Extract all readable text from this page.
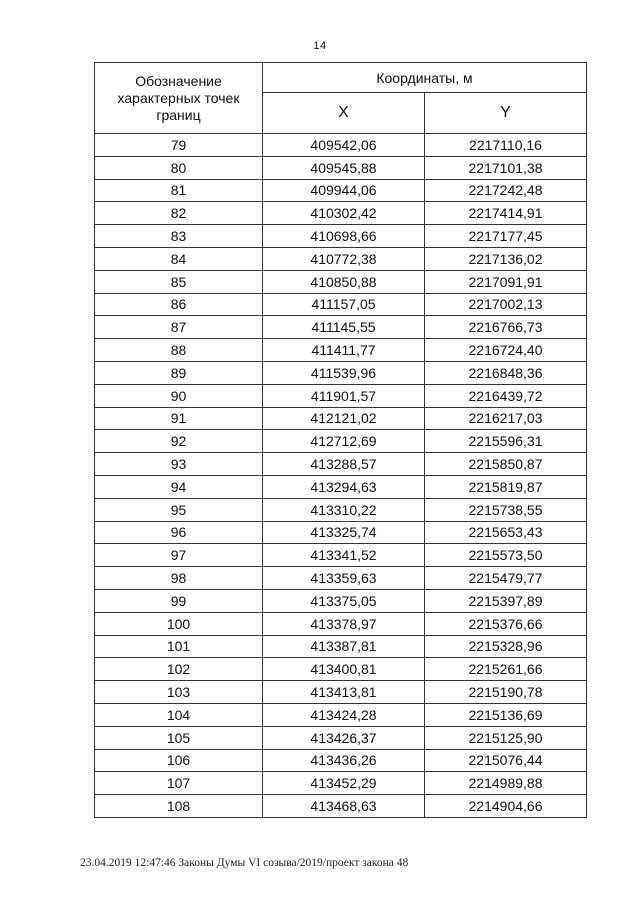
14
Обозначение характерных точек границ	Координаты, м	
	X	Y
79	409542,06	2217110,16
80	409545,88	2217101,38
81	409944,06	2217242,48
82	410302,42	2217414,91
83	410698,66	2217177,45
84	410772,38	2217136,02
85	410850,88	2217091,91
86	411157,05	2217002,13
87	411145,55	2216766,73
88	411411,77	2216724,40
89	411539,96	2216848,36
90	411901,57	2216439,72
91	412121,02	2216217,03
92	412712,69	2215596,31
93	413288,57	2215850,87
94	413294,63	2215819,87
95	413310,22	2215738,55
96	413325,74	2215653,43
97	413341,52	2215573,50
98	413359,63	2215479,77
99	413375,05	2215397,89
100	413378,97	2215376,66
101	413387,81	2215328,96
102	413400,81	2215261,66
103	413413,81	2215190,78
104	413424,28	2215136,69
105	413426,37	2215125,90
106	413436,26	2215076,44
107	413452,29	2214989,88
108	413468,63	2214904,66
23.04.2019 12:47:46 Законы Думы VI созыва/2019/проект закона 48
